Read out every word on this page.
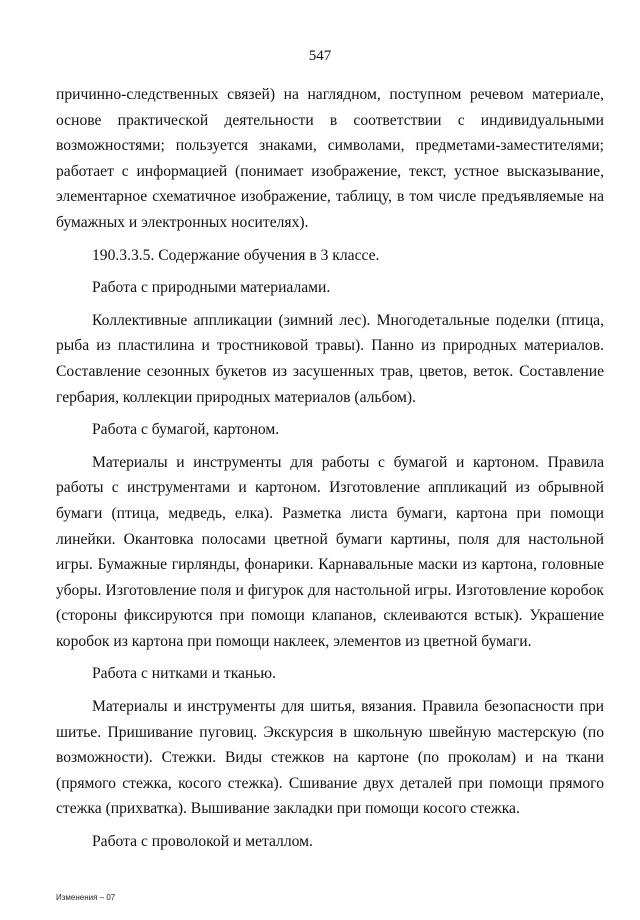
547

причинно-следственных связей) на наглядном, поступном речевом материале, основе практической деятельности в соответствии с индивидуальными возможностями; пользуется знаками, символами, предметами-заместителями; работает с информацией (понимает изображение, текст, устное высказывание, элементарное схематичное изображение, таблицу, в том числе предъявляемые на бумажных и электронных носителях).

190.3.3.5. Содержание обучения в 3 классе.

Работа с природными материалами.

Коллективные аппликации (зимний лес). Многодетальные поделки (птица, рыба из пластилина и тростниковой травы). Панно из природных материалов. Составление сезонных букетов из засушенных трав, цветов, веток. Составление гербария, коллекции природных материалов (альбом).

Работа с бумагой, картоном.

Материалы и инструменты для работы с бумагой и картоном. Правила работы с инструментами и картоном. Изготовление аппликаций из обрывной бумаги (птица, медведь, елка). Разметка листа бумаги, картона при помощи линейки. Окантовка полосами цветной бумаги картины, поля для настольной игры. Бумажные гирлянды, фонарики. Карнавальные маски из картона, головные уборы. Изготовление поля и фигурок для настольной игры. Изготовление коробок (стороны фиксируются при помощи клапанов, склеиваются встык). Украшение коробок из картона при помощи наклеек, элементов из цветной бумаги.

Работа с нитками и тканью.

Материалы и инструменты для шитья, вязания. Правила безопасности при шитье. Пришивание пуговиц. Экскурсия в школьную швейную мастерскую (по возможности). Стежки. Виды стежков на картоне (по проколам) и на ткани (прямого стежка, косого стежка). Сшивание двух деталей при помощи прямого стежка (прихватка). Вышивание закладки при помощи косого стежка.

Работа с проволокой и металлом.

Изменения – 07
